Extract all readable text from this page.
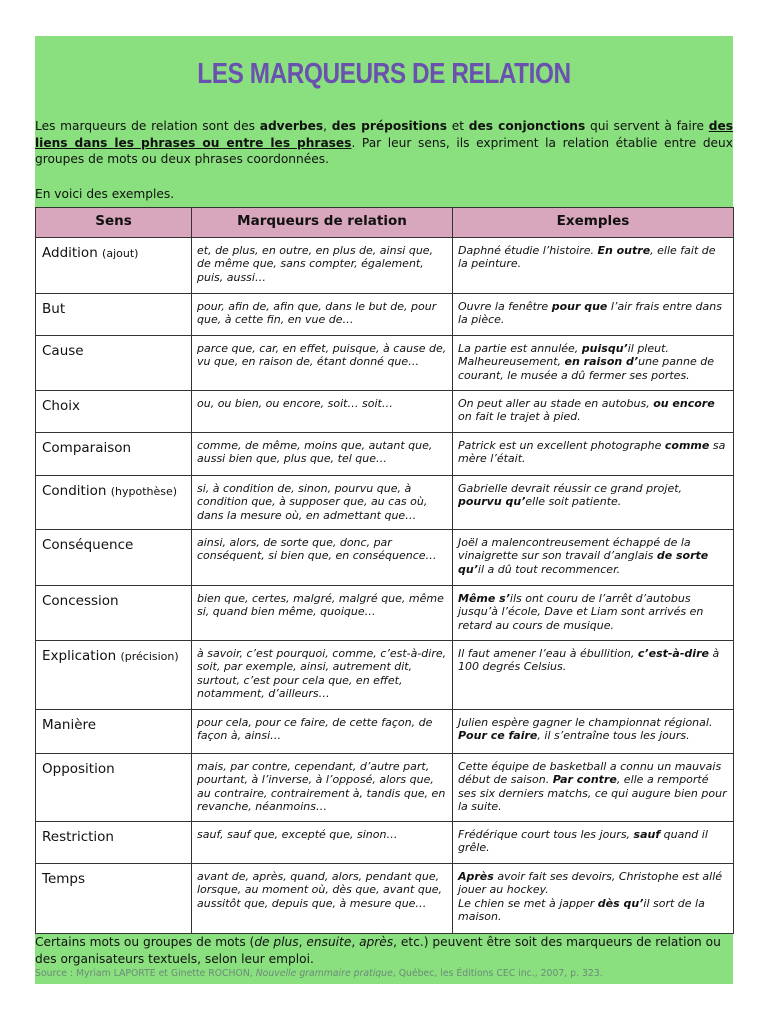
LES MARQUEURS DE RELATION

Les marqueurs de relation sont des adverbes, des prépositions et des conjonctions qui servent à faire des liens dans les phrases ou entre les phrases. Par leur sens, ils expriment la relation établie entre deux groupes de mots ou deux phrases coordonnées.

En voici des exemples.

Sens	Marqueurs de relation	Exemples
Addition (ajout)	et, de plus, en outre, en plus de, ainsi que, de même que, sans compter, également, puis, aussi…	Daphné étudie l’histoire. En outre, elle fait de la peinture.
But	pour, afin de, afin que, dans le but de, pour que, à cette fin, en vue de…	Ouvre la fenêtre pour que l’air frais entre dans la pièce.
Cause	parce que, car, en effet, puisque, à cause de, vu que, en raison de, étant donné que…	La partie est annulée, puisqu’il pleut. Malheureusement, en raison d’une panne de courant, le musée a dû fermer ses portes.
Choix	ou, ou bien, ou encore, soit… soit…	On peut aller au stade en autobus, ou encore on fait le trajet à pied.
Comparaison	comme, de même, moins que, autant que, aussi bien que, plus que, tel que…	Patrick est un excellent photographe comme sa mère l’était.
Condition (hypothèse)	si, à condition de, sinon, pourvu que, à condition que, à supposer que, au cas où, dans la mesure où, en admettant que…	Gabrielle devrait réussir ce grand projet, pourvu qu’elle soit patiente.
Conséquence	ainsi, alors, de sorte que, donc, par conséquent, si bien que, en conséquence…	Joël a malencontreusement échappé de la vinaigrette sur son travail d’anglais de sorte qu’il a dû tout recommencer.
Concession	bien que, certes, malgré, malgré que, même si, quand bien même, quoique…	Même s’ils ont couru de l’arrêt d’autobus jusqu’à l’école, Dave et Liam sont arrivés en retard au cours de musique.
Explication (précision)	à savoir, c’est pourquoi, comme, c’est-à-dire, soit, par exemple, ainsi, autrement dit, surtout, c’est pour cela que, en effet, notamment, d’ailleurs…	Il faut amener l’eau à ébullition, c’est-à-dire à 100 degrés Celsius.
Manière	pour cela, pour ce faire, de cette façon, de façon à, ainsi…	Julien espère gagner le championnat régional. Pour ce faire, il s’entraîne tous les jours.
Opposition	mais, par contre, cependant, d’autre part, pourtant, à l’inverse, à l’opposé, alors que, au contraire, contrairement à, tandis que, en revanche, néanmoins…	Cette équipe de basketball a connu un mauvais début de saison. Par contre, elle a remporté ses six derniers matchs, ce qui augure bien pour la suite.
Restriction	sauf, sauf que, excepté que, sinon…	Frédérique court tous les jours, sauf quand il grêle.
Temps	avant de, après, quand, alors, pendant que, lorsque, au moment où, dès que, avant que, aussitôt que, depuis que, à mesure que…	Après avoir fait ses devoirs, Christophe est allé jouer au hockey.
Le chien se met à japper dès qu’il sort de la maison.

Certains mots ou groupes de mots (de plus, ensuite, après, etc.) peuvent être soit des marqueurs de relation ou des organisateurs textuels, selon leur emploi.

Source : Myriam LAPORTE et Ginette ROCHON, Nouvelle grammaire pratique, Québec, les Éditions CEC inc., 2007, p. 323.
